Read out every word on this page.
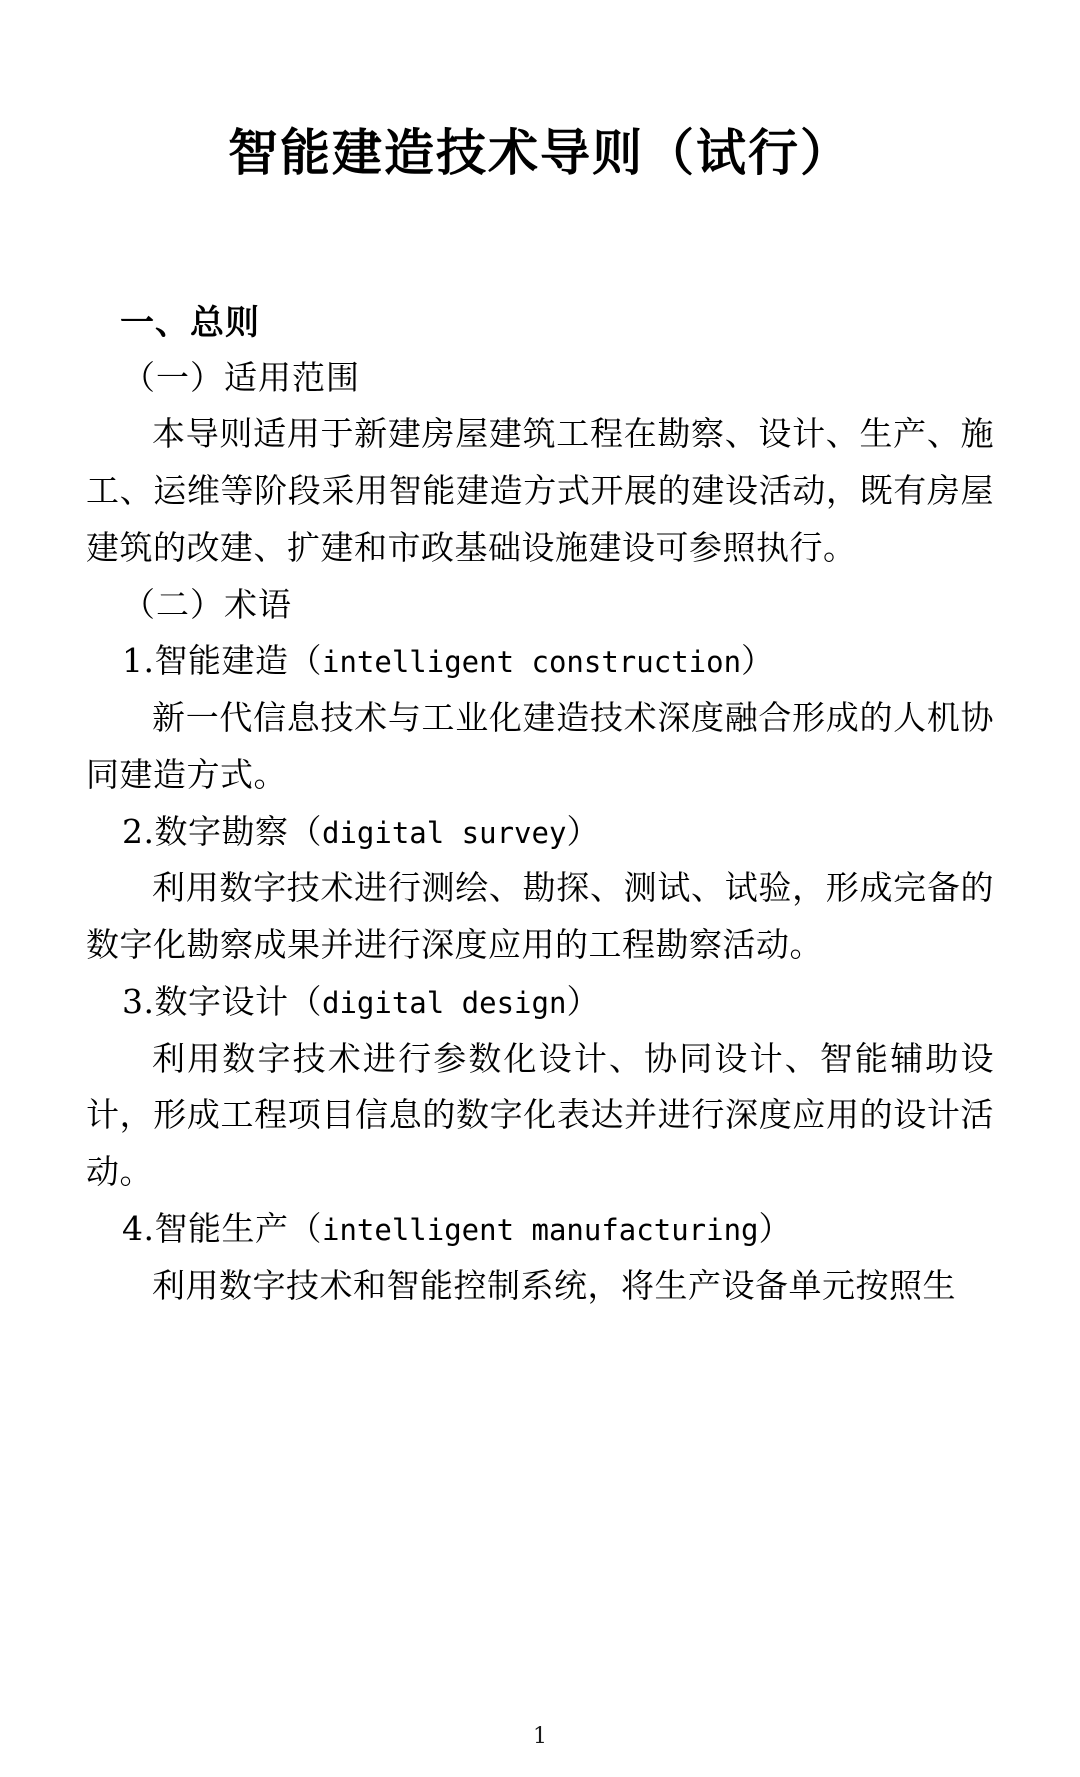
智能建造技术导则（试行）
一、总则
（一）适用范围

本导则适用于新建房屋建筑工程在勘察、设计、生产、施工、运维等阶段采用智能建造方式开展的建设活动，既有房屋建筑的改建、扩建和市政基础设施建设可参照执行。

（二）术语
1.智能建造（intelligent construction）

新一代信息技术与工业化建造技术深度融合形成的人机协同建造方式。

2.数字勘察（digital survey）

利用数字技术进行测绘、勘探、测试、试验，形成完备的数字化勘察成果并进行深度应用的工程勘察活动。

3.数字设计（digital design）

利用数字技术进行参数化设计、协同设计、智能辅助设计，形成工程项目信息的数字化表达并进行深度应用的设计活动。

4.智能生产（intelligent manufacturing）

利用数字技术和智能控制系统，将生产设备单元按照生

1
